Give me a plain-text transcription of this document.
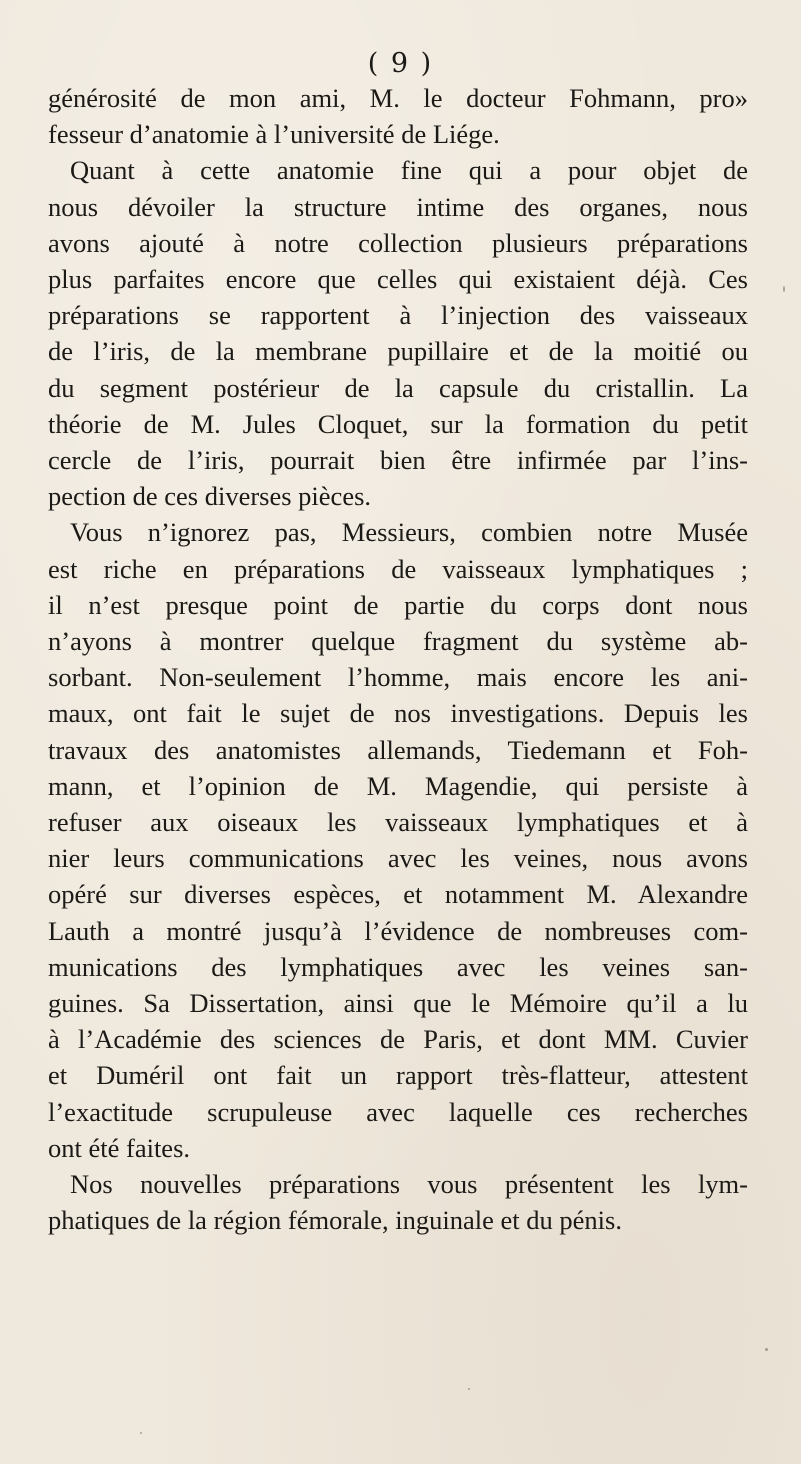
( 9 )
générosité de mon ami, M. le docteur Fohmann, pro»
fesseur d’anatomie à l’université de Liége.
Quant à cette anatomie fine qui a pour objet de
nous dévoiler la structure intime des organes, nous
avons ajouté à notre collection plusieurs préparations
plus parfaites encore que celles qui existaient déjà. Ces
préparations se rapportent à l’injection des vaisseaux
de l’iris, de la membrane pupillaire et de la moitié ou
du segment postérieur de la capsule du cristallin. La
théorie de M. Jules Cloquet, sur la formation du petit
cercle de l’iris, pourrait bien être infirmée par l’ins-
pection de ces diverses pièces.
Vous n’ignorez pas, Messieurs, combien notre Musée
est riche en préparations de vaisseaux lymphatiques ;
il n’est presque point de partie du corps dont nous
n’ayons à montrer quelque fragment du système ab-
sorbant. Non-seulement l’homme, mais encore les ani-
maux, ont fait le sujet de nos investigations. Depuis les
travaux des anatomistes allemands, Tiedemann et Foh-
mann, et l’opinion de M. Magendie, qui persiste à
refuser aux oiseaux les vaisseaux lymphatiques et à
nier leurs communications avec les veines, nous avons
opéré sur diverses espèces, et notamment M. Alexandre
Lauth a montré jusqu’à l’évidence de nombreuses com-
munications des lymphatiques avec les veines san-
guines. Sa Dissertation, ainsi que le Mémoire qu’il a lu
à l’Académie des sciences de Paris, et dont MM. Cuvier
et Duméril ont fait un rapport très-flatteur, attestent
l’exactitude scrupuleuse avec laquelle ces recherches
ont été faites.
Nos nouvelles préparations vous présentent les lym-
phatiques de la région fémorale, inguinale et du pénis.
